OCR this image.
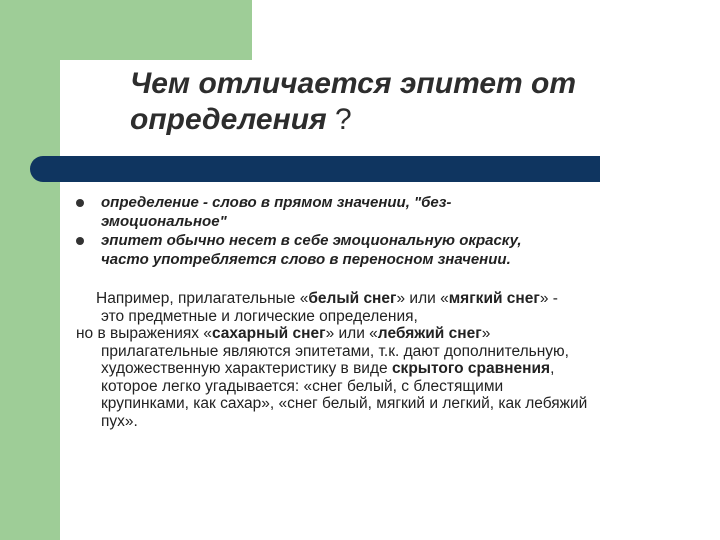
Чем отличается эпитет от
определения ?
определение - слово в прямом значении, "без-
эмоциональное"
эпитет обычно несет в себе эмоциональную окраску,
часто употребляется слово в переносном значении.
Например, прилагательные «белый снег» или «мягкий снег» -
это предметные и логические определения,
но в выражениях «сахарный снег» или «лебяжий снег»
прилагательные являются эпитетами, т.к. дают дополнительную,
художественную характеристику в виде скрытого сравнения,
которое легко угадывается: «снег белый, с блестящими
крупинками, как сахар», «снег белый, мягкий и легкий, как лебяжий
пух».
